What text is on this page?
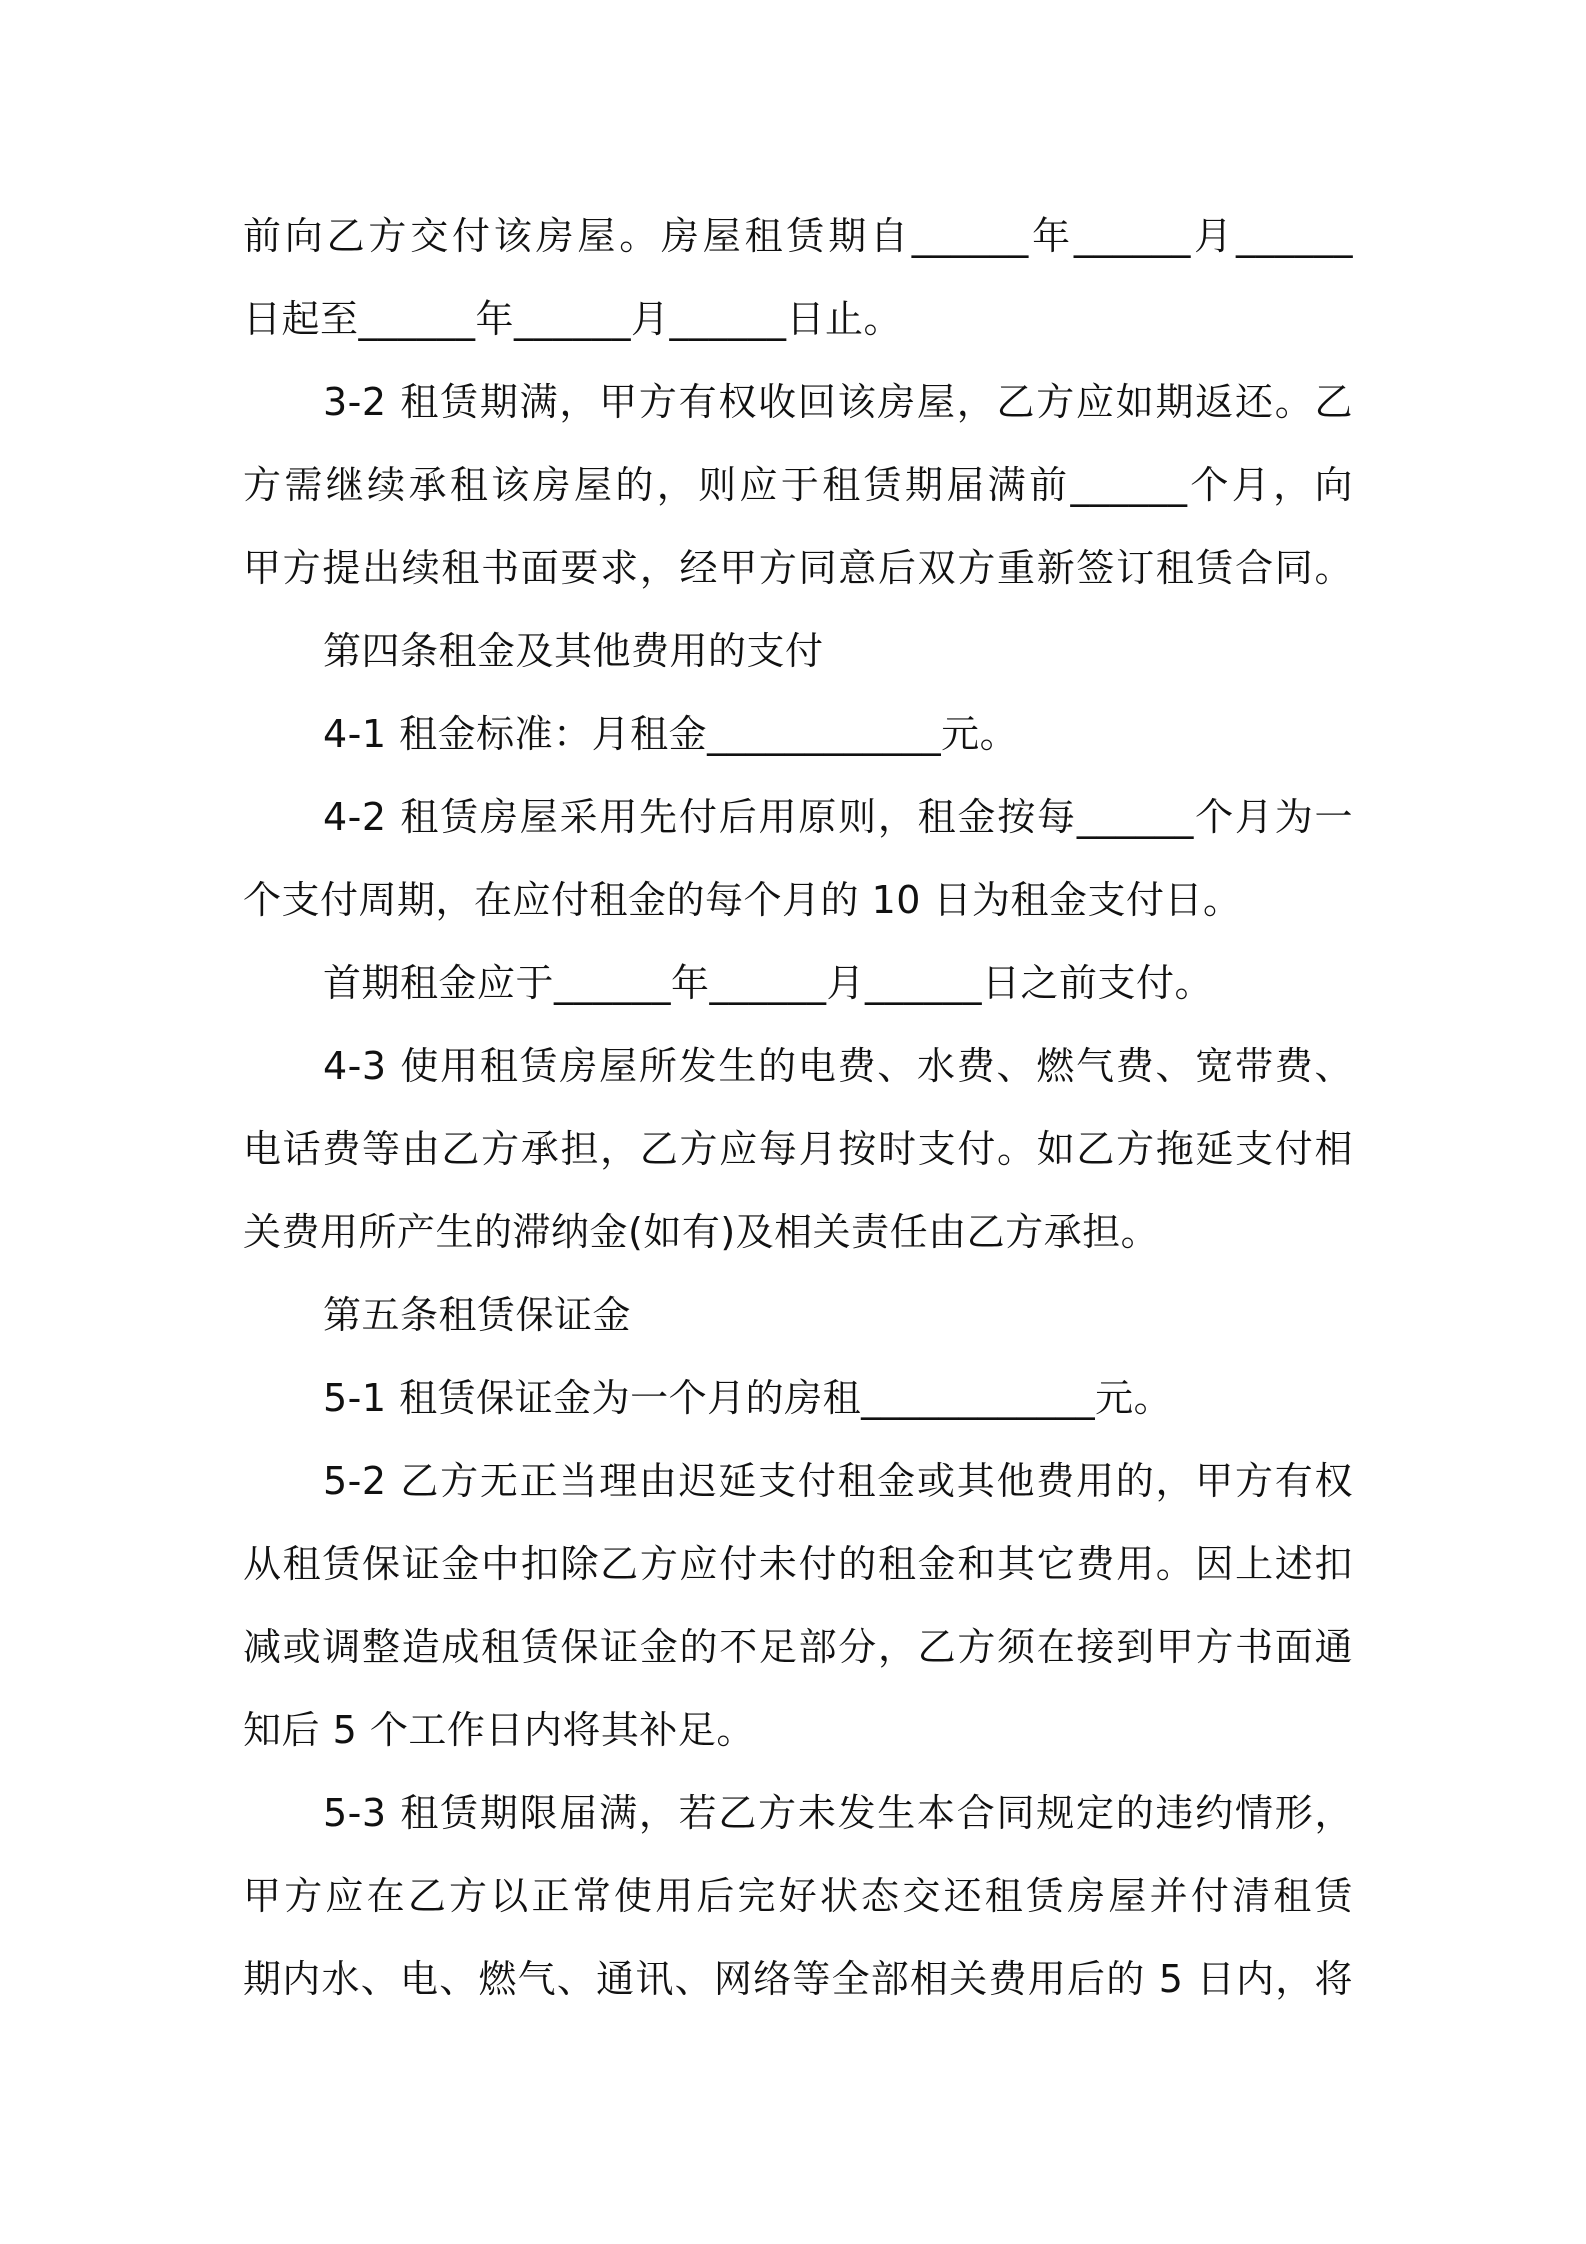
前向乙方交付该房屋。房屋租赁期自______年______月______
日起至______年______月______日止。
3-2 租赁期满，甲方有权收回该房屋，乙方应如期返还。乙
方需继续承租该房屋的，则应于租赁期届满前______个月，向
甲方提出续租书面要求，经甲方同意后双方重新签订租赁合同。
第四条租金及其他费用的支付
4-1 租金标准：月租金____________元。
4-2 租赁房屋采用先付后用原则，租金按每______个月为一
个支付周期，在应付租金的每个月的 10 日为租金支付日。
首期租金应于______年______月______日之前支付。
4-3 使用租赁房屋所发生的电费、水费、燃气费、宽带费、
电话费等由乙方承担，乙方应每月按时支付。如乙方拖延支付相
关费用所产生的滞纳金(如有)及相关责任由乙方承担。
第五条租赁保证金
5-1 租赁保证金为一个月的房租____________元。
5-2 乙方无正当理由迟延支付租金或其他费用的，甲方有权
从租赁保证金中扣除乙方应付未付的租金和其它费用。因上述扣
减或调整造成租赁保证金的不足部分，乙方须在接到甲方书面通
知后 5 个工作日内将其补足。
5-3 租赁期限届满，若乙方未发生本合同规定的违约情形，
甲方应在乙方以正常使用后完好状态交还租赁房屋并付清租赁
期内水、电、燃气、通讯、网络等全部相关费用后的 5 日内，将
